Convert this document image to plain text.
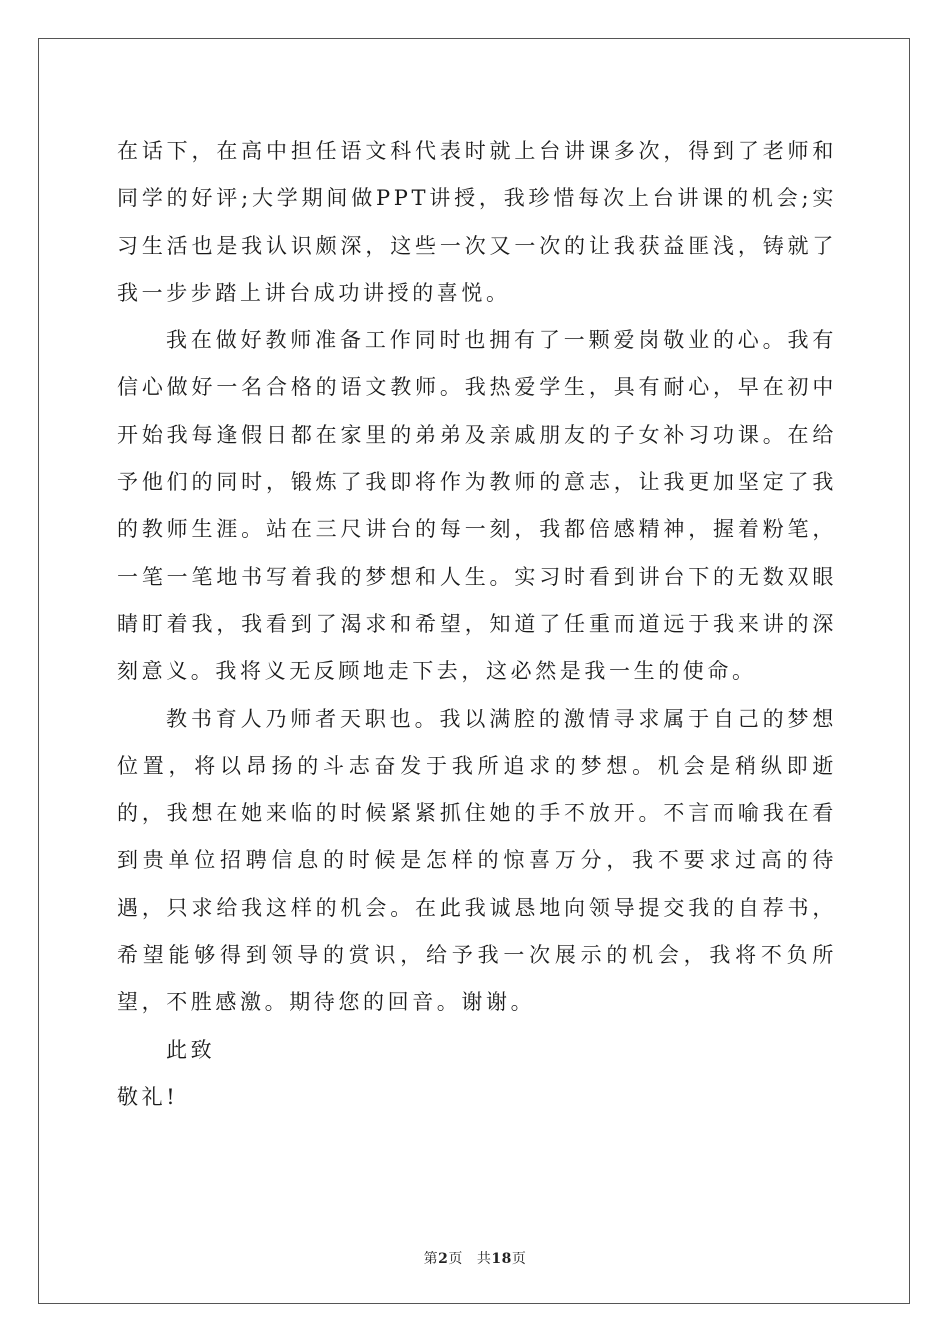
在话下，在高中担任语文科代表时就上台讲课多次，得到了老师和同学的好评;大学期间做PPT讲授，我珍惜每次上台讲课的机会;实习生活也是我认识颇深，这些一次又一次的让我获益匪浅，铸就了我一步步踏上讲台成功讲授的喜悦。

我在做好教师准备工作同时也拥有了一颗爱岗敬业的心。我有信心做好一名合格的语文教师。我热爱学生，具有耐心，早在初中开始我每逢假日都在家里的弟弟及亲戚朋友的子女补习功课。在给予他们的同时，锻炼了我即将作为教师的意志，让我更加坚定了我的教师生涯。站在三尺讲台的每一刻，我都倍感精神，握着粉笔，一笔一笔地书写着我的梦想和人生。实习时看到讲台下的无数双眼睛盯着我，我看到了渴求和希望，知道了任重而道远于我来讲的深刻意义。我将义无反顾地走下去，这必然是我一生的使命。

教书育人乃师者天职也。我以满腔的激情寻求属于自己的梦想位置，将以昂扬的斗志奋发于我所追求的梦想。机会是稍纵即逝的，我想在她来临的时候紧紧抓住她的手不放开。不言而喻我在看到贵单位招聘信息的时候是怎样的惊喜万分，我不要求过高的待遇，只求给我这样的机会。在此我诚恳地向领导提交我的自荐书，希望能够得到领导的赏识，给予我一次展示的机会，我将不负所望，不胜感激。期待您的回音。谢谢。

此致

敬礼!

第2页 共18页
